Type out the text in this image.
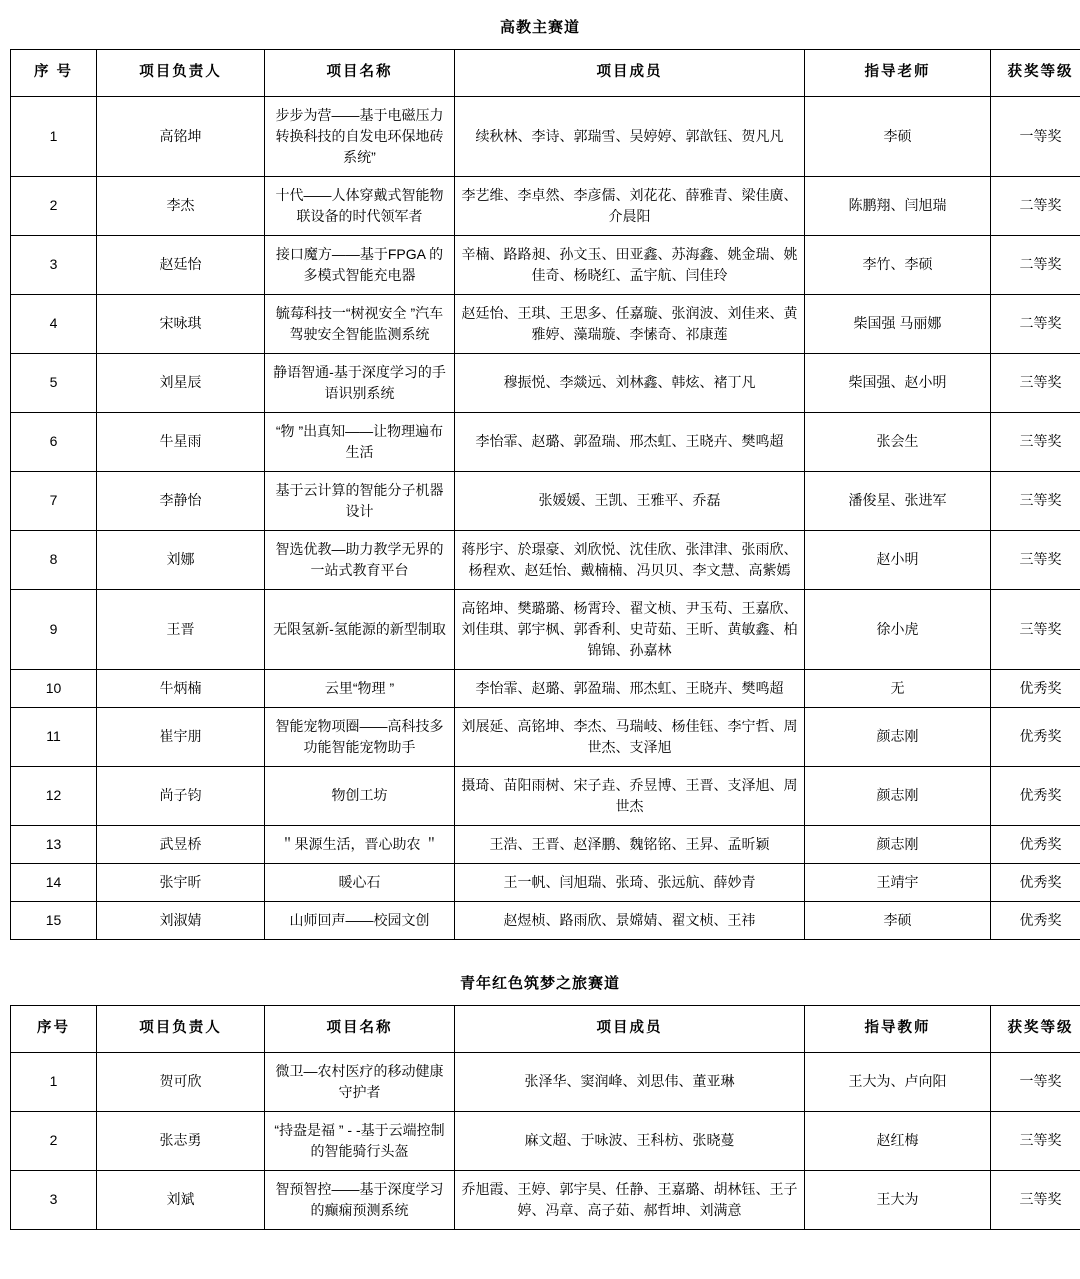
高教主赛道
序 号	项目负责人	项目名称	项目成员	指导老师	获奖等级
1	高铭坤	步步为营——基于电磁压力转换科技的自发电环保地砖系统”	续秋林、李诗、郭瑞雪、吴婷婷、郭歆钰、贺凡凡	李硕	一等奖
2	李杰	十代——人体穿戴式智能物联设备的时代领军者	李艺维、李卓然、李彦儒、刘花花、薛雅青、梁佳廣、介晨阳	陈鹏翔、闫旭瑞	二等奖
3	赵廷怡	接口魔方——基于FPGA 的多模式智能充电器	辛楠、路路昶、孙文玉、田亚鑫、苏海鑫、姚金瑞、姚佳奇、杨晓红、孟宇航、闫佳玲	李竹、李硕	二等奖
4	宋咏琪	毓莓科技一“树视安全 ”汽车驾驶安全智能监测系统	赵廷怡、王琪、王思多、任嘉璇、张润波、刘佳来、黄雅婷、藻瑞璇、李愫奇、祁康莲	柴国强 马丽娜	二等奖
5	刘星辰	静语智通-基于深度学习的手语识别系统	穆振悦、李燚远、刘林鑫、韩炫、褚丁凡	柴国强、赵小明	三等奖
6	牛星雨	“物 ”出真知——让物理遍布生活	李怡霏、赵璐、郭盈瑞、邢杰虹、王晓卉、樊鸣超	张会生	三等奖
7	李静怡	基于云计算的智能分子机器设计	张媛媛、王凯、王雅平、乔磊	潘俊星、张进军	三等奖
8	刘娜	智选优教—助力教学无界的一站式教育平台	蒋彤宇、於璟豪、刘欣悦、沈佳欣、张津津、张雨欣、杨程欢、赵廷怡、戴楠楠、冯贝贝、李文慧、高紫嫣	赵小明	三等奖
9	王晋	无限氢新-氢能源的新型制取	高铭坤、樊璐璐、杨霄玲、翟文桢、尹玉苟、王嘉欣、刘佳琪、郭宇枫、郭香利、史苛茹、王昕、黄敏鑫、柏锦锦、孙嘉林	徐小虎	三等奖
10	牛炳楠	云里“物理 ”	李怡霏、赵璐、郭盈瑞、邢杰虹、王晓卉、樊鸣超	无	优秀奖
11	崔宇朋	智能宠物项圈——高科技多功能智能宠物助手	刘展延、高铭坤、李杰、马瑞岐、杨佳钰、李宁哲、周世杰、支泽旭	颜志刚	优秀奖
12	尚子钧	物创工坊	摄琦、苗阳雨树、宋子垚、乔昱博、王晋、支泽旭、周世杰	颜志刚	优秀奖
13	武昱桥	＂果源生活，晋心助农 ＂	王浩、王晋、赵泽鹏、魏铭铭、王昇、孟昕颖	颜志刚	优秀奖
14	张宇昕	暖心石	王一帆、闫旭瑞、张琦、张远航、薛妙青	王靖宇	优秀奖
15	刘淑婧	山师回声——校园文创	赵煜桢、路雨欣、景嫦婧、翟文桢、王祎	李硕	优秀奖
青年红色筑梦之旅赛道
序号	项目负责人	项目名称	项目成员	指导教师	获奖等级
1	贺可欣	微卫—农村医疗的移动健康守护者	张泽华、窦润峰、刘思伟、董亚琳	王大为、卢向阳	一等奖
2	张志勇	“持盎是福 ” - -基于云端控制的智能骑行头盔	麻文超、于咏波、王科枋、张晓蔓	赵红梅	三等奖
3	刘斌	智预智控——基于深度学习的癫痫预测系统	乔旭霞、王婷、郭宇昊、任静、王嘉璐、胡林钰、王子婷、冯章、高子茹、郝哲坤、刘满意	王大为	三等奖
